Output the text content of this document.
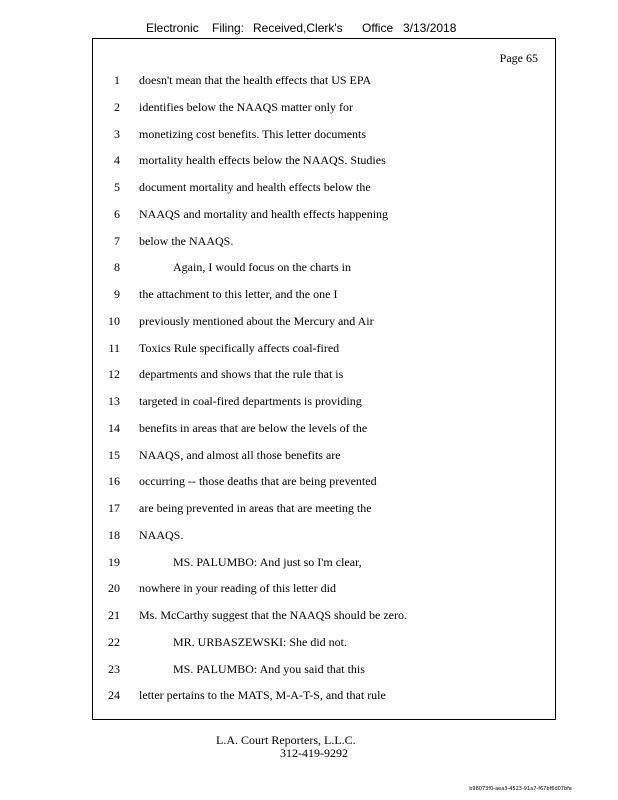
Electronic Filing: Received,Clerk's Office 3/13/2018
Page 65
1 doesn't mean that the health effects that US EPA
2 identifies below the NAAQS matter only for
3 monetizing cost benefits. This letter documents
4 mortality health effects below the NAAQS. Studies
5 document mortality and health effects below the
6 NAAQS and mortality and health effects happening
7 below the NAAQS.
8	Again, I would focus on the charts in
9 the attachment to this letter, and the one I
10 previously mentioned about the Mercury and Air
11 Toxics Rule specifically affects coal-fired
12 departments and shows that the rule that is
13 targeted in coal-fired departments is providing
14 benefits in areas that are below the levels of the
15 NAAQS, and almost all those benefits are
16 occurring -- those deaths that are being prevented
17 are being prevented in areas that are meeting the
18 NAAQS.
19	MS. PALUMBO: And just so I'm clear,
20 nowhere in your reading of this letter did
21 Ms. McCarthy suggest that the NAAQS should be zero.
22	MR. URBASZEWSKI: She did not.
23	MS. PALUMBO: And you said that this
24 letter pertains to the MATS, M-A-T-S, and that rule
L.A. Court Reporters, L.L.C.
312-419-9292
b98073f0-aea3-4523-91a7-f67bf6d07bfe
